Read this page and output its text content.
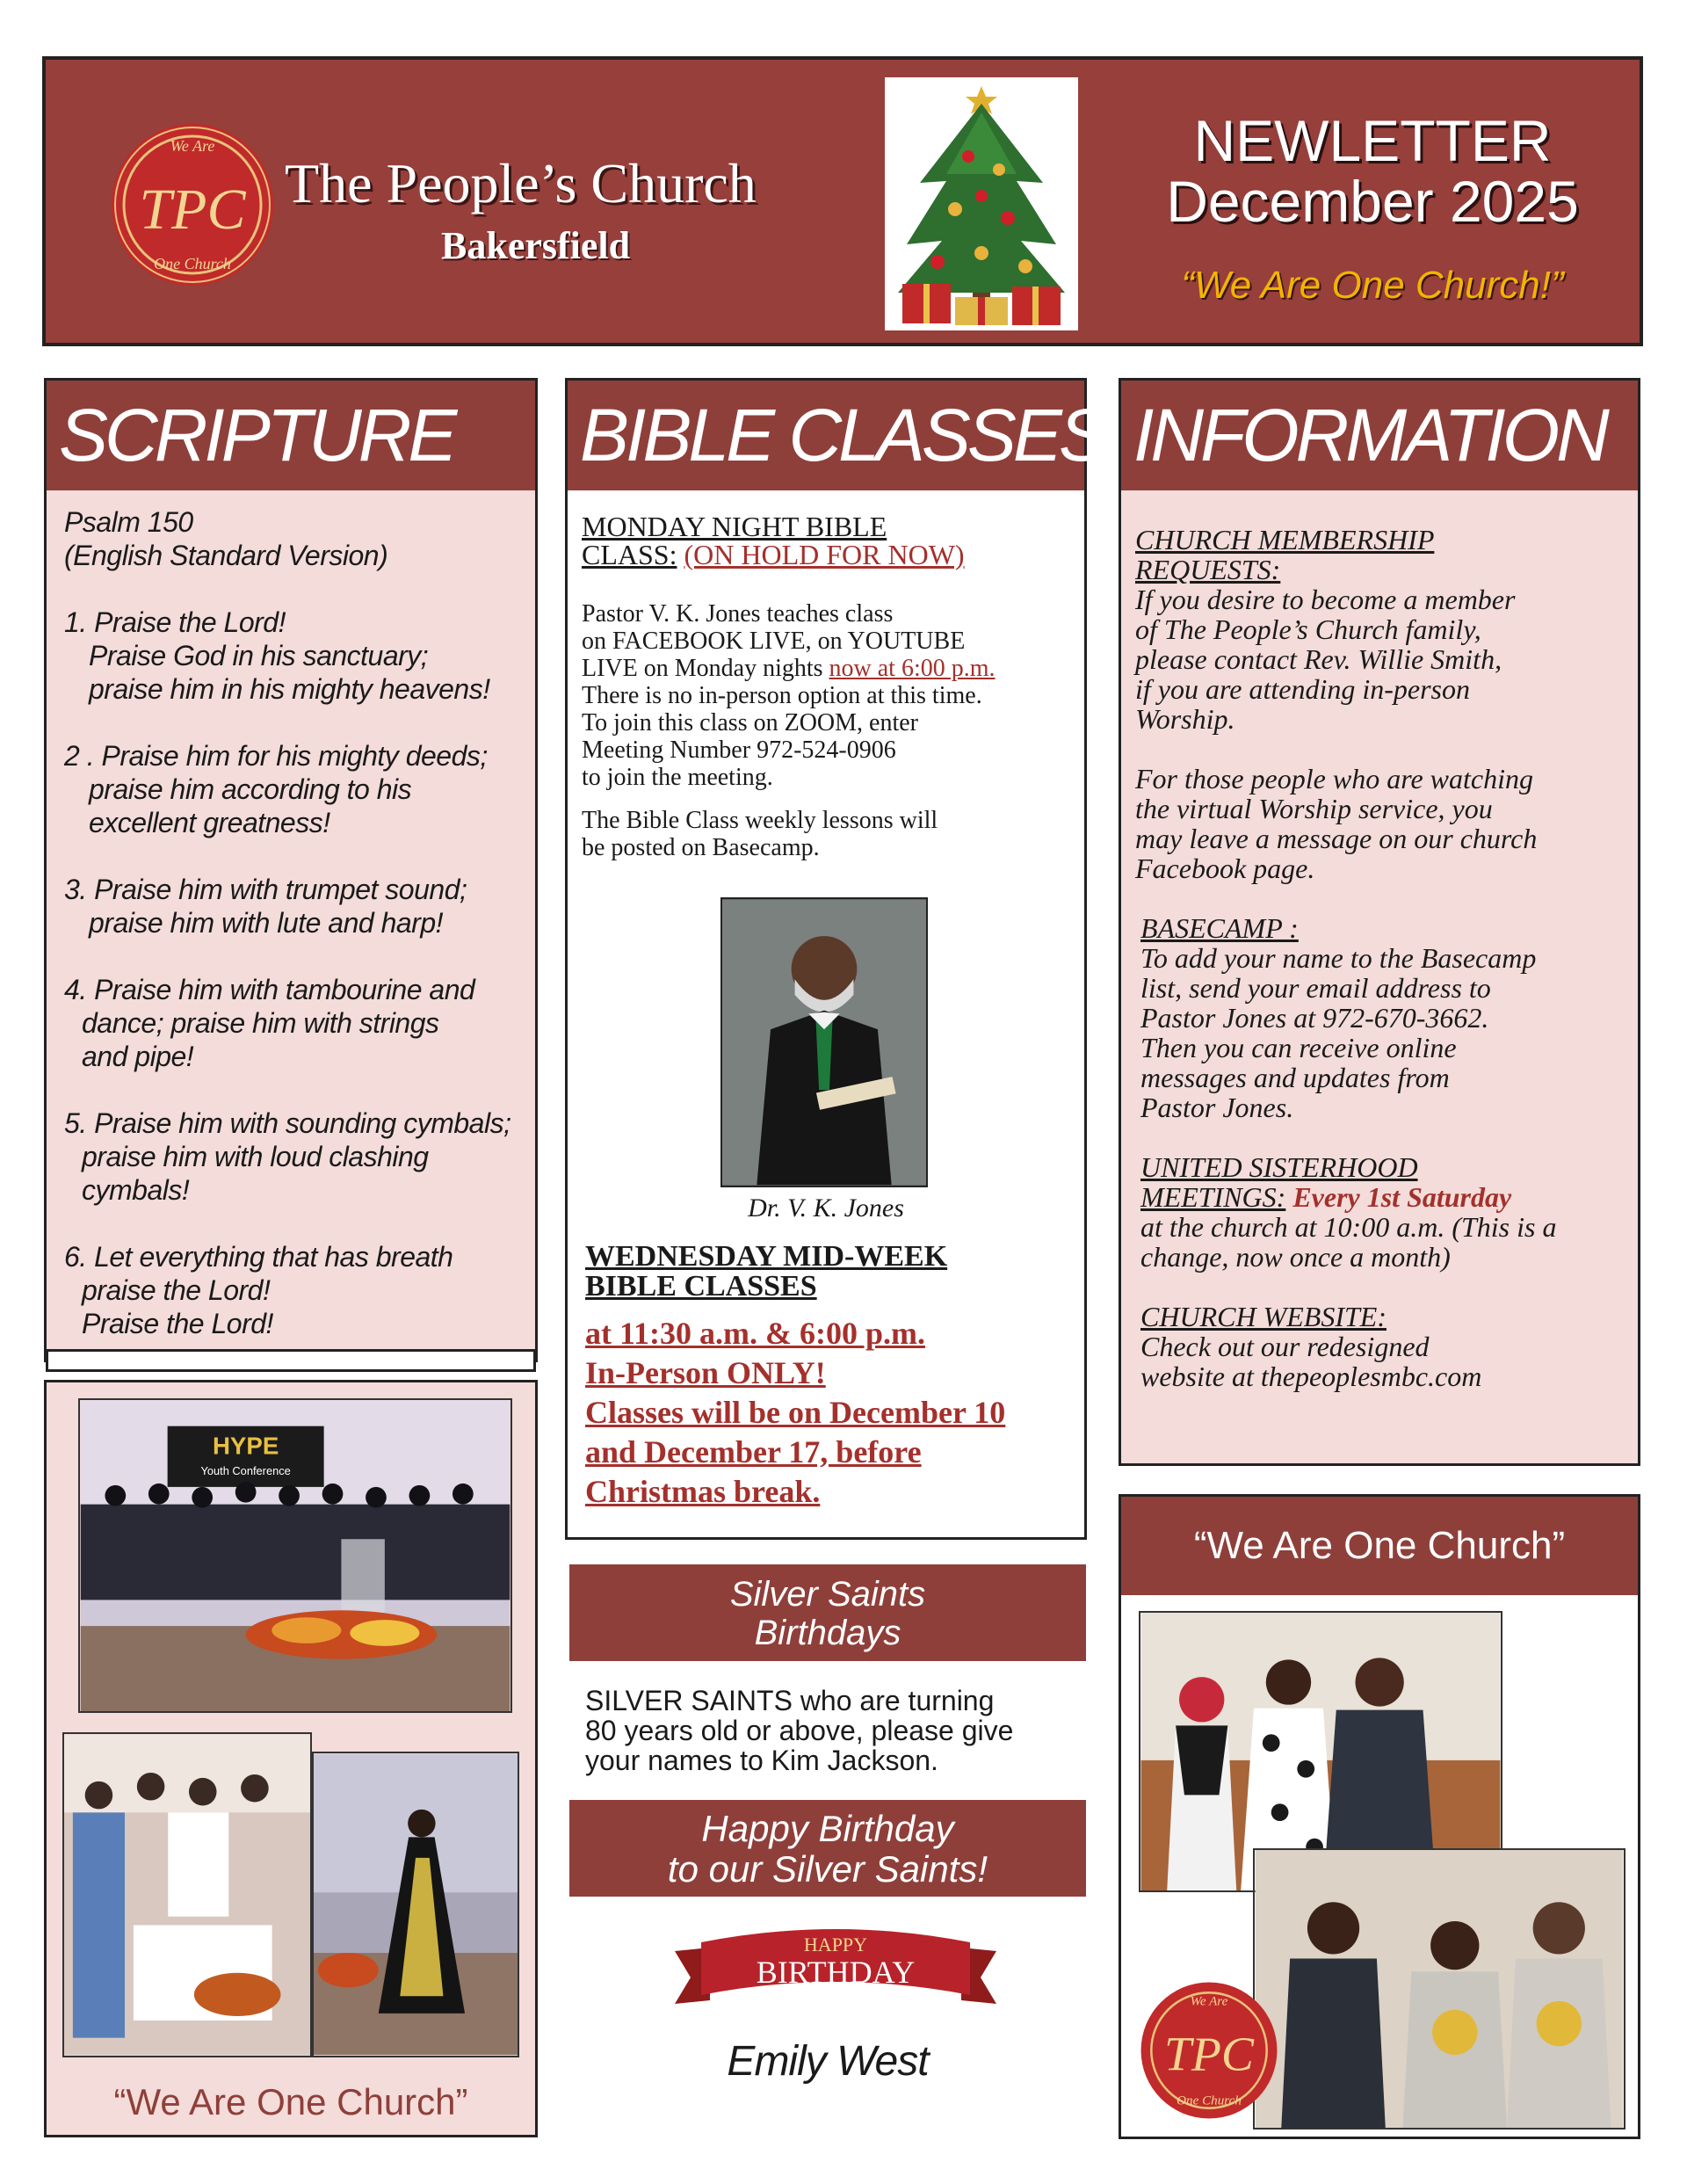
We Are
TPC
One Church
The People’s Church
Bakersfield
NEWLETTER
December 2025
“We Are One Church!”
SCRIPTURE

Psalm 150
(English Standard Version)

1. Praise the Lord!
Praise God in his sanctuary;
praise him in his mighty heavens!

2 . Praise him for his mighty deeds;
praise him according to his
excellent greatness!

3. Praise him with trumpet sound;
praise him with lute and harp!

4. Praise him with tambourine and
dance; praise him with strings
and pipe!

5. Praise him with sounding cymbals;
praise him with loud clashing
cymbals!

6. Let everything that has breath
praise the Lord!
Praise the Lord!

HYPE
Youth Conference
“We Are One Church”
BIBLE CLASSES
MONDAY NIGHT BIBLE
CLASS: (ON HOLD FOR NOW)
Pastor V. K. Jones teaches class
on FACEBOOK LIVE, on YOUTUBE
LIVE on Monday nights now at 6:00 p.m.
There is no in-person option at this time.
To join this class on ZOOM, enter
Meeting Number 972-524-0906
to join the meeting.
The Bible Class weekly lessons will
be posted on Basecamp.
Dr. V. K. Jones
WEDNESDAY MID-WEEK
BIBLE CLASSES
at 11:30 a.m. & 6:00 p.m.
In-Person ONLY!
Classes will be on December 10
and December 17, before
Christmas break.
Silver Saints
Birthdays
SILVER SAINTS who are turning
80 years old or above, please give
your names to Kim Jackson.
Happy Birthday
to our Silver Saints!
HAPPY
BIRTHDAY
Emily West
INFORMATION
CHURCH MEMBERSHIP
REQUESTS:
If you desire to become a member
of The People’s Church family,
please contact Rev. Willie Smith,
if you are attending in-person
Worship.
For those people who are watching
the virtual Worship service, you
may leave a message on our church
Facebook page.
BASECAMP :
To add your name to the Basecamp
list, send your email address to
Pastor Jones at 972-670-3662.
Then you can receive online
messages and updates from
Pastor Jones.
UNITED SISTERHOOD
MEETINGS: Every 1st Saturday
at the church at 10:00 a.m. (This is a
change, now once a month)
CHURCH WEBSITE:
Check out our redesigned
website at thepeoplesmbc.com
“We Are One Church”
We Are
TPC
One Church
